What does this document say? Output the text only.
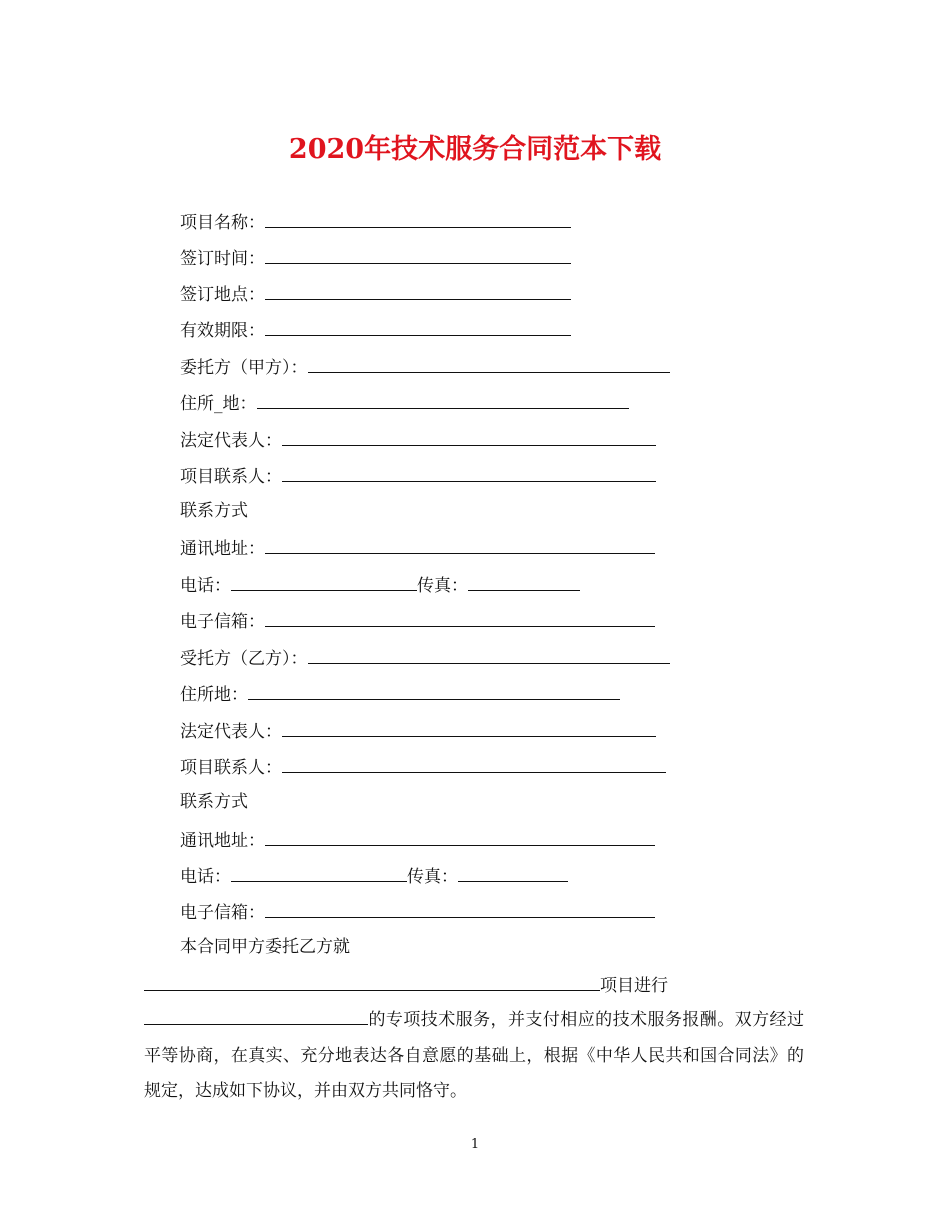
2020年技术服务合同范本下载
项目名称：
签订时间：
签订地点：
有效期限：
委托方（甲方）：
住所_地：
法定代表人：
项目联系人：
联系方式
通讯地址：
电话：	传真：
电子信箱：
受托方（乙方）：
住所地：
法定代表人：
项目联系人：
联系方式
通讯地址：
电话：	传真：
电子信箱：
本合同甲方委托乙方就
项目进行
的专项技术服务，并支付相应的技术服务报酬。双方经过平等协商，在真实、充分地表达各自意愿的基础上，根据《中华人民共和国合同法》的规定，达成如下协议，并由双方共同恪守。
1
